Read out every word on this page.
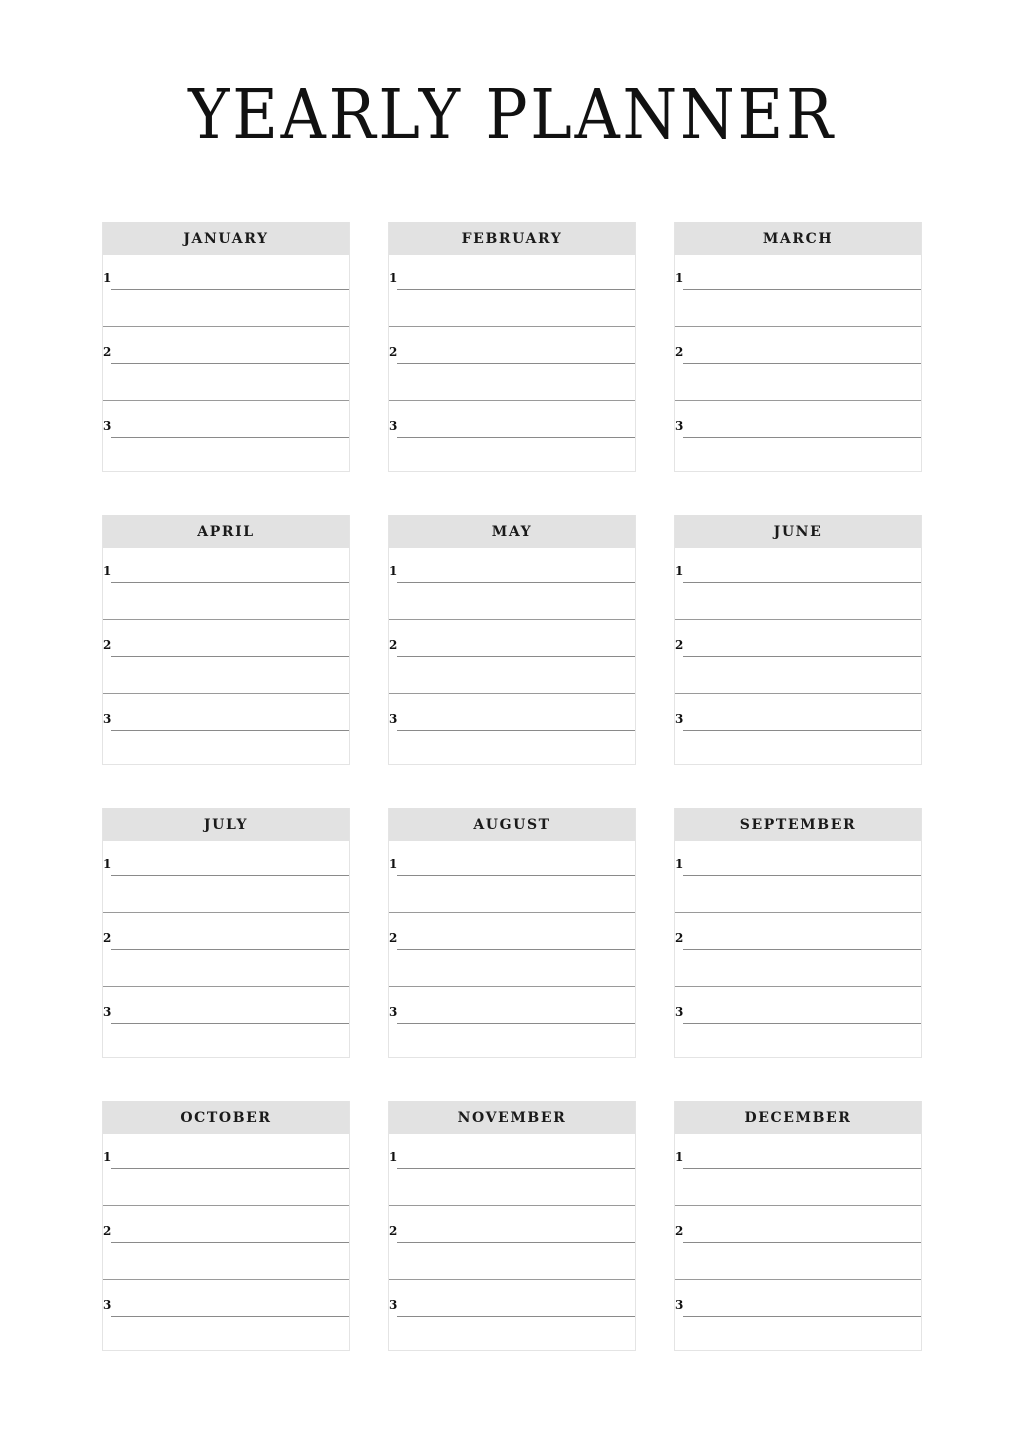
YEARLY PLANNER
JANUARY
1
2
3
FEBRUARY
1
2
3
MARCH
1
2
3
APRIL
1
2
3
MAY
1
2
3
JUNE
1
2
3
JULY
1
2
3
AUGUST
1
2
3
SEPTEMBER
1
2
3
OCTOBER
1
2
3
NOVEMBER
1
2
3
DECEMBER
1
2
3
